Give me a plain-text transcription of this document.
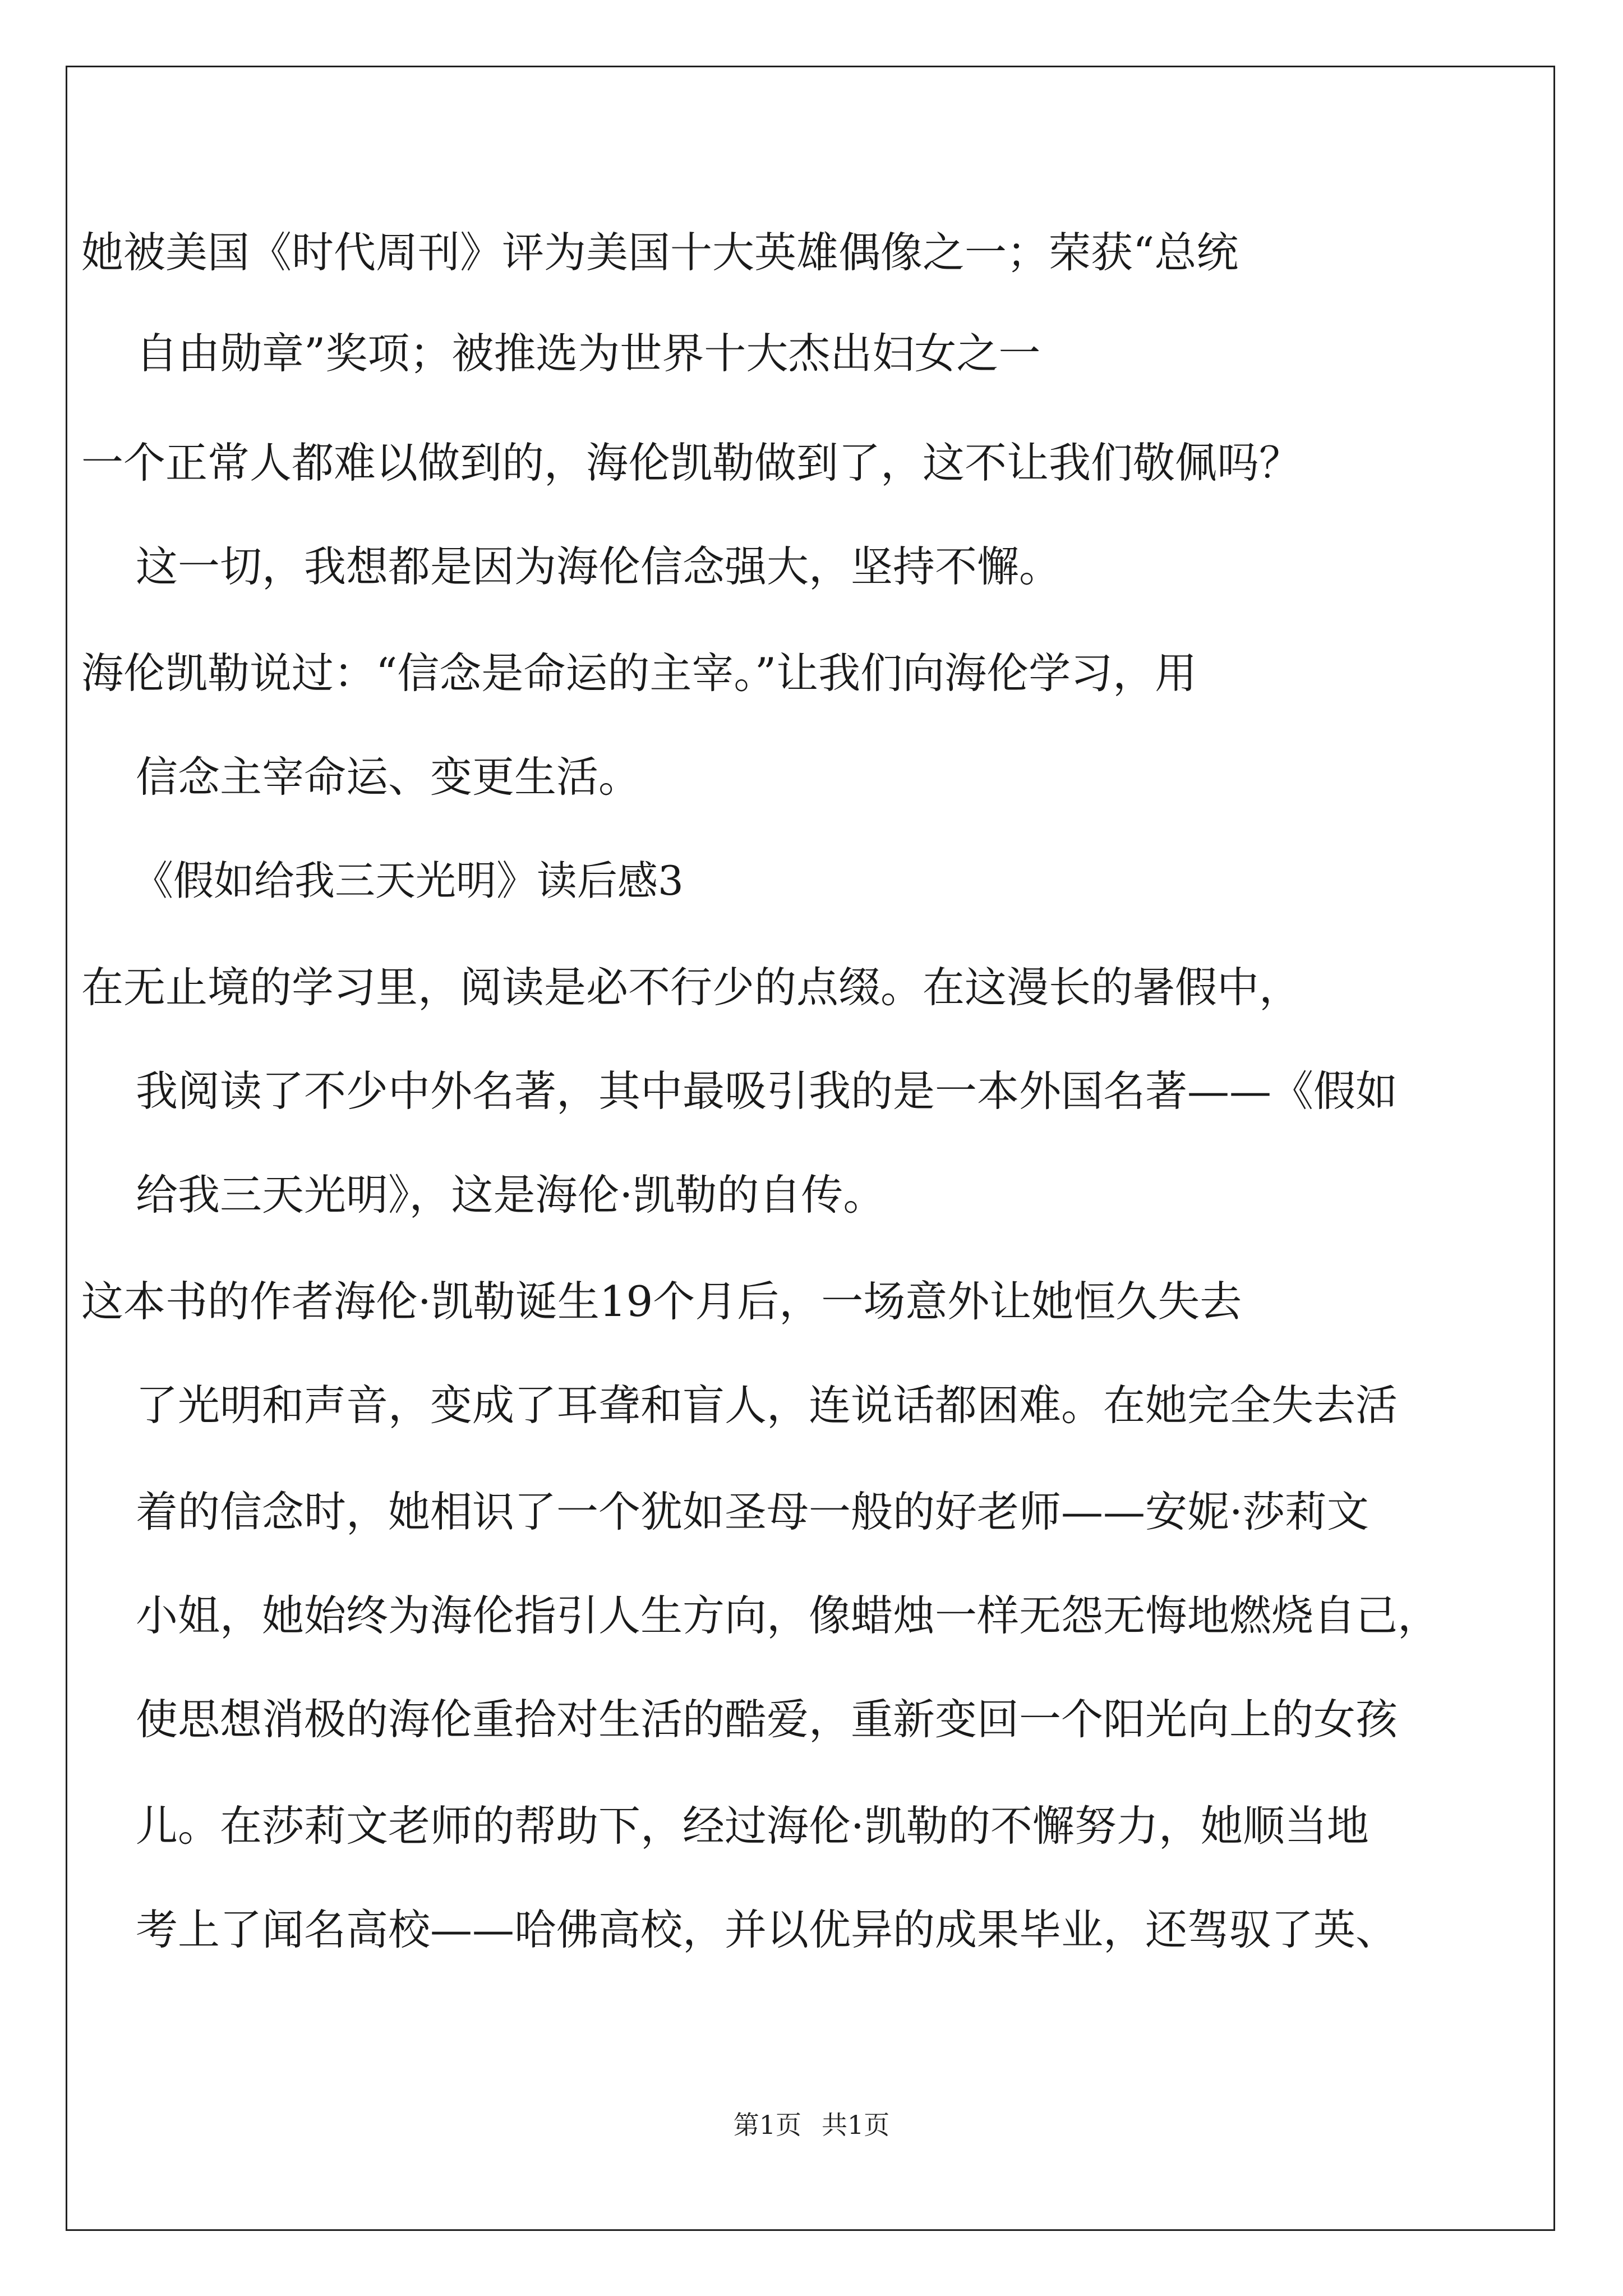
她被美国《时代周刊》评为美国十大英雄偶像之一；荣获“总统
自由勋章”奖项；被推选为世界十大杰出妇女之一
一个正常人都难以做到的，海伦凯勒做到了，这不让我们敬佩吗？
这一切，我想都是因为海伦信念强大，坚持不懈。
海伦凯勒说过：“信念是命运的主宰。”让我们向海伦学习，用
信念主宰命运、变更生活。
《假如给我三天光明》读后感3
在无止境的学习里，阅读是必不行少的点缀。在这漫长的暑假中，
我阅读了不少中外名著，其中最吸引我的是一本外国名著——《假如
给我三天光明》，这是海伦·凯勒的自传。
这本书的作者海伦·凯勒诞生19个月后，一场意外让她恒久失去
了光明和声音，变成了耳聋和盲人，连说话都困难。在她完全失去活
着的信念时，她相识了一个犹如圣母一般的好老师——安妮·莎莉文
小姐，她始终为海伦指引人生方向，像蜡烛一样无怨无悔地燃烧自己，
使思想消极的海伦重拾对生活的酷爱，重新变回一个阳光向上的女孩
儿。在莎莉文老师的帮助下，经过海伦·凯勒的不懈努力，她顺当地
考上了闻名高校——哈佛高校，并以优异的成果毕业，还驾驭了英、
第1页 共1页
